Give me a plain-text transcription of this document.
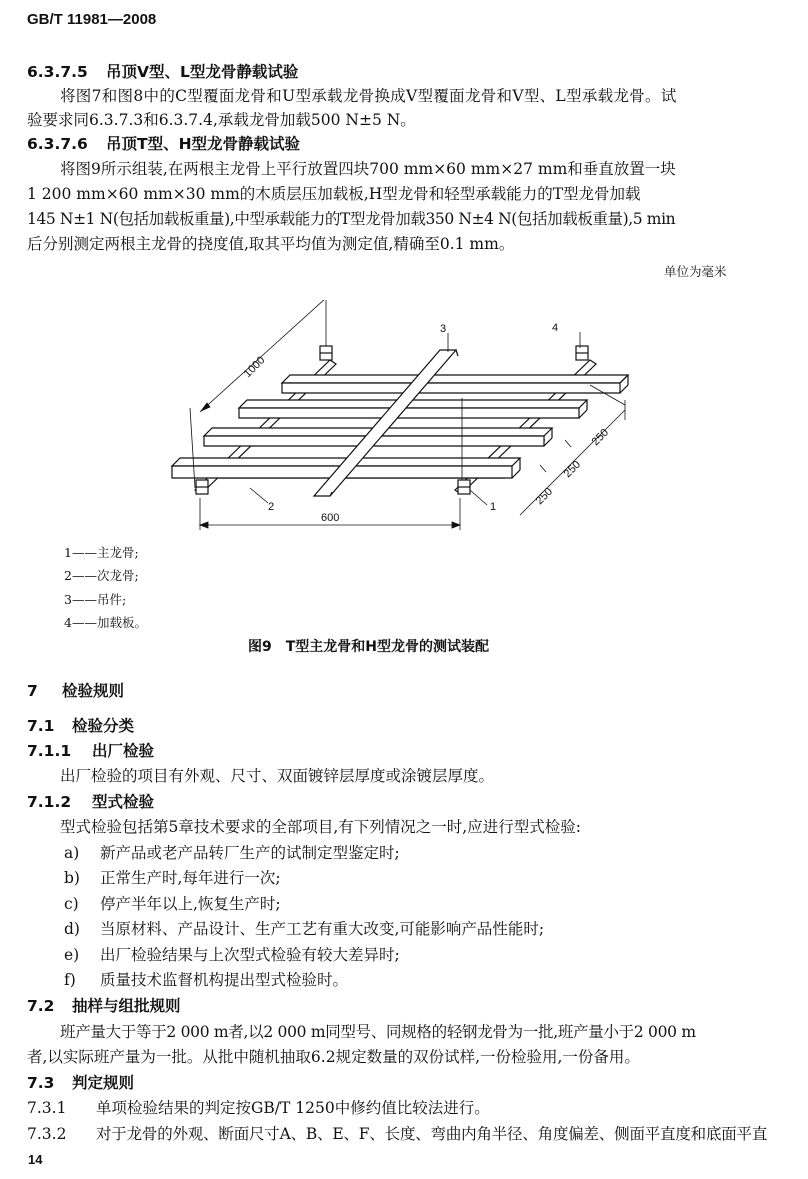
GB/T 11981—2008
6.3.7.5 吊顶V型、L型龙骨静载试验
将图7和图8中的C型覆面龙骨和U型承载龙骨换成V型覆面龙骨和V型、L型承载龙骨。试
验要求同6.3.7.3和6.3.7.4,承载龙骨加载500 N±5 N。
6.3.7.6 吊顶T型、H型龙骨静载试验
将图9所示组装,在两根主龙骨上平行放置四块700 mm×60 mm×27 mm和垂直放置一块
1 200 mm×60 mm×30 mm的木质层压加载板,H型龙骨和轻型承载能力的T型龙骨加载
145 N±1 N(包括加载板重量),中型承载能力的T型龙骨加载350 N±4 N(包括加载板重量),5 min
后分别测定两根主龙骨的挠度值,取其平均值为测定值,精确至0.1 mm。
单位为毫米
1000
600
250
250
250
3	4
2	1
1——主龙骨;
2——次龙骨;
3——吊件;
4——加载板。
图9　T型主龙骨和H型龙骨的测试装配
7 检验规则
7.1 检验分类
7.1.1 出厂检验
出厂检验的项目有外观、尺寸、双面镀锌层厚度或涂镀层厚度。
7.1.2 型式检验
型式检验包括第5章技术要求的全部项目,有下列情况之一时,应进行型式检验:
a) 新产品或老产品转厂生产的试制定型鉴定时;
b) 正常生产时,每年进行一次;
c) 停产半年以上,恢复生产时;
d) 当原材料、产品设计、生产工艺有重大改变,可能影响产品性能时;
e) 出厂检验结果与上次型式检验有较大差异时;
f) 质量技术监督机构提出型式检验时。
7.2 抽样与组批规则
班产量大于等于2 000 m者,以2 000 m同型号、同规格的轻钢龙骨为一批,班产量小于2 000 m
者,以实际班产量为一批。从批中随机抽取6.2规定数量的双份试样,一份检验用,一份备用。
7.3 判定规则
7.3.1 单项检验结果的判定按GB/T 1250中修约值比较法进行。
7.3.2 对于龙骨的外观、断面尺寸A、B、E、F、长度、弯曲内角半径、角度偏差、侧面平直度和底面平直
14
